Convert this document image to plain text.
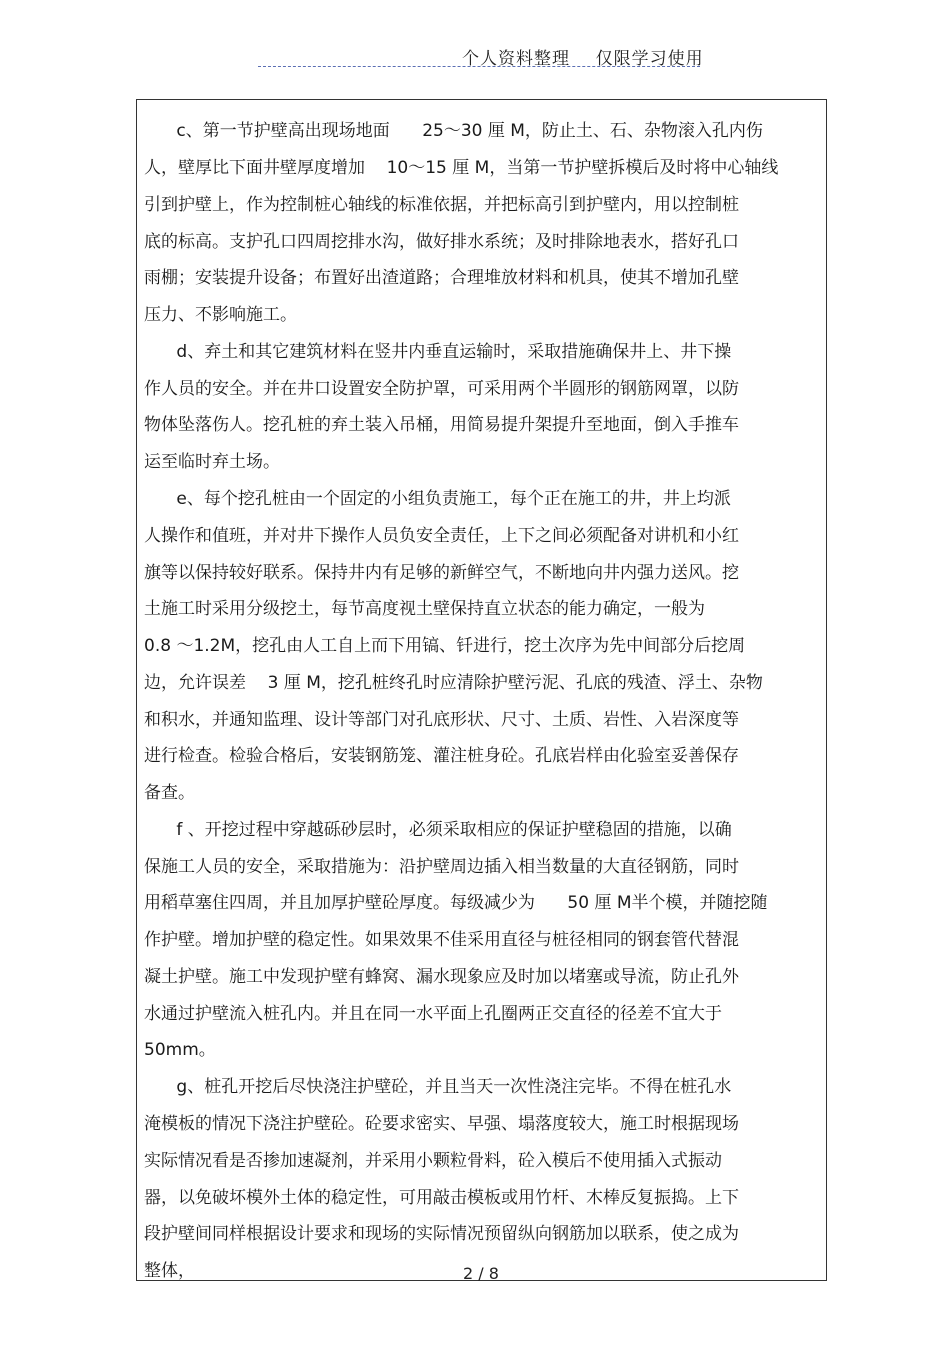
个人资料整理    仅限学习使用
c、第一节护壁高出现场地面      25～30 厘 M，防止土、石、杂物滚入孔内伤
人，壁厚比下面井壁厚度增加    10～15 厘 M，当第一节护壁拆模后及时将中心轴线
引到护壁上，作为控制桩心轴线的标准依据，并把标高引到护壁内，用以控制桩
底的标高。支护孔口四周挖排水沟，做好排水系统；及时排除地表水，搭好孔口
雨棚；安装提升设备；布置好出渣道路；合理堆放材料和机具，使其不增加孔壁
压力、不影响施工。
d、弃土和其它建筑材料在竖井内垂直运输时，采取措施确保井上、井下操
作人员的安全。并在井口设置安全防护罩，可采用两个半圆形的钢筋网罩，以防
物体坠落伤人。挖孔桩的弃土装入吊桶，用简易提升架提升至地面，倒入手推车
运至临时弃土场。
e、每个挖孔桩由一个固定的小组负责施工，每个正在施工的井，井上均派
人操作和值班，并对井下操作人员负安全责任，上下之间必须配备对讲机和小红
旗等以保持较好联系。保持井内有足够的新鲜空气，不断地向井内强力送风。挖
土施工时采用分级挖土，每节高度视土壁保持直立状态的能力确定，一般为
0.8 ～1.2M，挖孔由人工自上而下用镐、钎进行，挖土次序为先中间部分后挖周
边，允许误差    3 厘 M，挖孔桩终孔时应清除护壁污泥、孔底的残渣、浮土、杂物
和积水，并通知监理、设计等部门对孔底形状、尺寸、土质、岩性、入岩深度等
进行检查。检验合格后，安装钢筋笼、灌注桩身砼。孔底岩样由化验室妥善保存
备查。
f 、开挖过程中穿越砾砂层时，必须采取相应的保证护壁稳固的措施，以确
保施工人员的安全，采取措施为：沿护壁周边插入相当数量的大直径钢筋，同时
用稻草塞住四周，并且加厚护壁砼厚度。每级减少为      50 厘 M半个模，并随挖随
作护壁。增加护壁的稳定性。如果效果不佳采用直径与桩径相同的钢套管代替混
凝土护壁。施工中发现护壁有蜂窝、漏水现象应及时加以堵塞或导流，防止孔外
水通过护壁流入桩孔内。并且在同一水平面上孔圈两正交直径的径差不宜大于
50mm。
g、桩孔开挖后尽快浇注护壁砼，并且当天一次性浇注完毕。不得在桩孔水
淹模板的情况下浇注护壁砼。砼要求密实、早强、塌落度较大，施工时根据现场
实际情况看是否掺加速凝剂，并采用小颗粒骨料，砼入模后不使用插入式振动
器，以免破坏模外土体的稳定性，可用敲击模板或用竹杆、木棒反复振捣。上下
段护壁间同样根据设计要求和现场的实际情况预留纵向钢筋加以联系，使之成为
整体，	2 / 8
